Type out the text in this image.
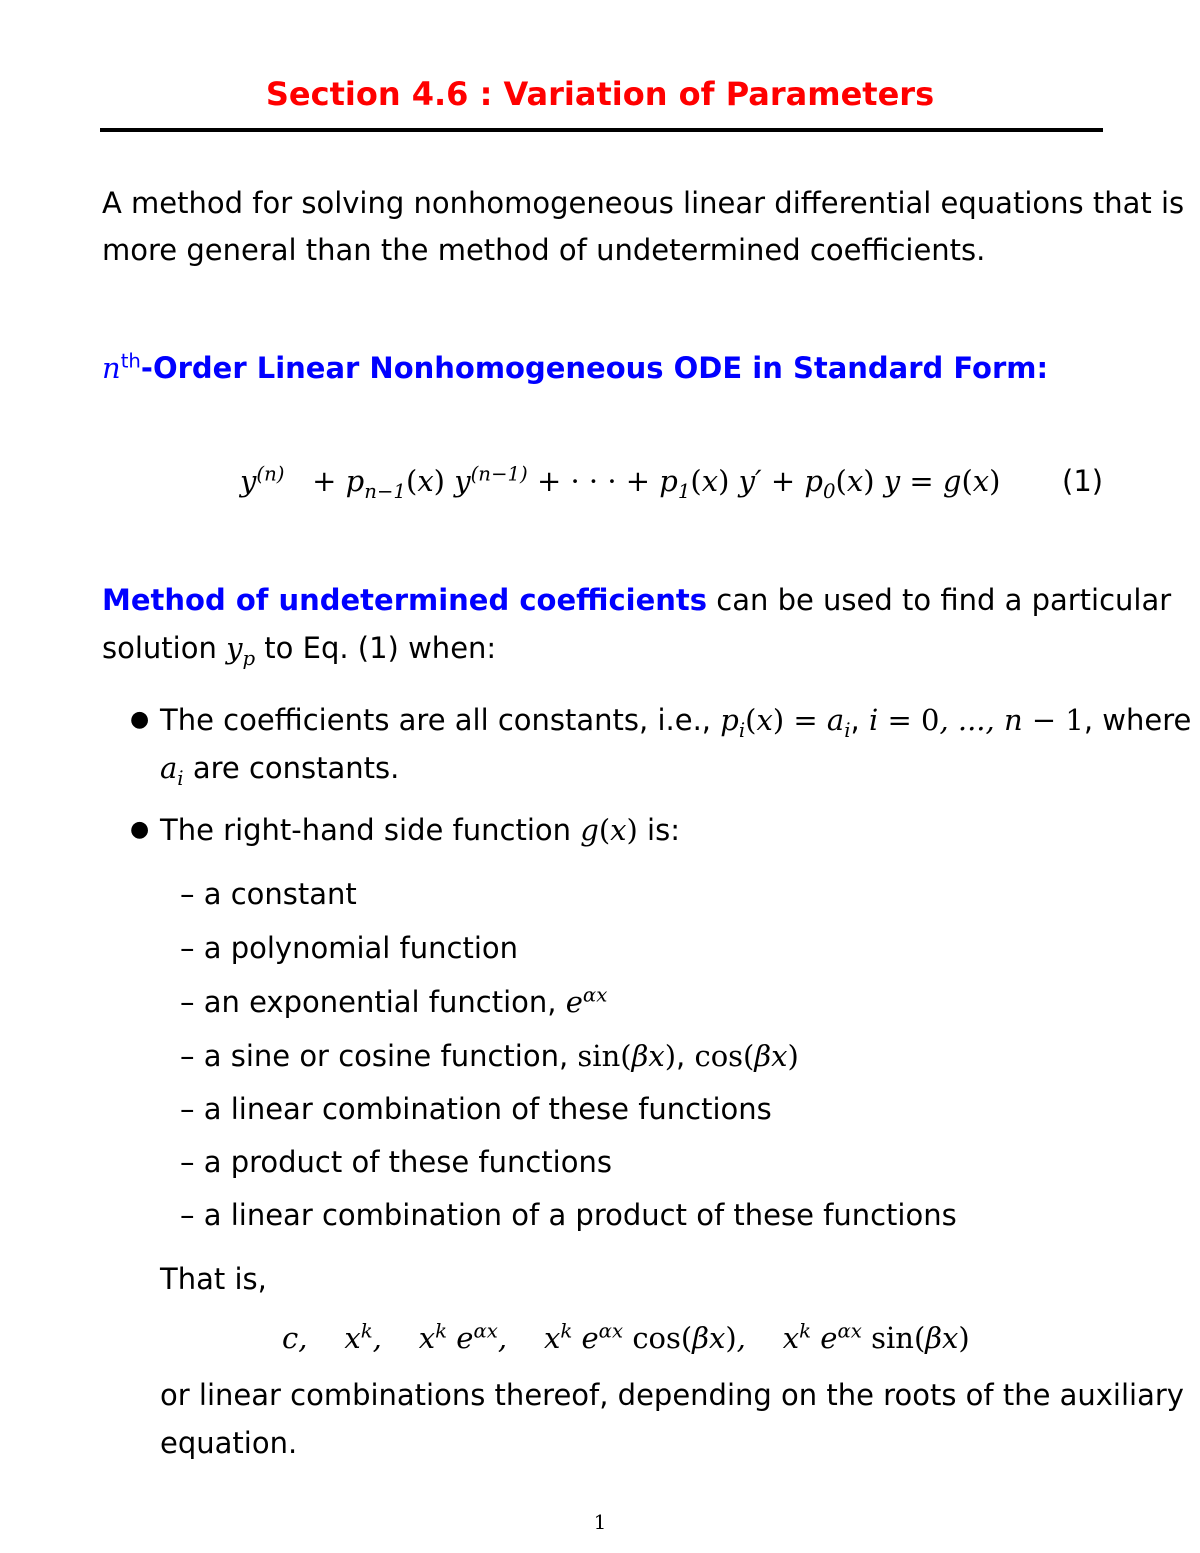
Section 4.6 : Variation of Parameters
A method for solving nonhomogeneous linear differential equations that is
more general than the method of undetermined coefficients.
$n^{th}$-Order Linear Nonhomogeneous ODE in Standard Form:
$y^{(n)} + p_{n-1}(x) y^{(n-1)}$ + · · · + $p_1(x) y' + p_0(x) y = g(x)$ (1)
Method of undetermined coefficients can be used to find a particular
solution $y_p$ to Eq. (1) when:
● The coefficients are all constants, i.e., $p_i(x) = a_i$, i = 0, ..., n − 1, where
$a_i$ are constants.
● The right-hand side function g(x) is:
– a constant
– a polynomial function
– an exponential function, $e^{\alpha x}$
– a sine or cosine function, sin(βx), cos(βx)
– a linear combination of these functions
– a product of these functions
– a linear combination of a product of these functions
That is,
c,    $x^k$,    $x^k$ $e^{\alpha x}$,    $x^k$ $e^{\alpha x}$ cos(βx),    $x^k$ $e^{\alpha x}$ sin(βx)
or linear combinations thereof, depending on the roots of the auxiliary
equation.
1
